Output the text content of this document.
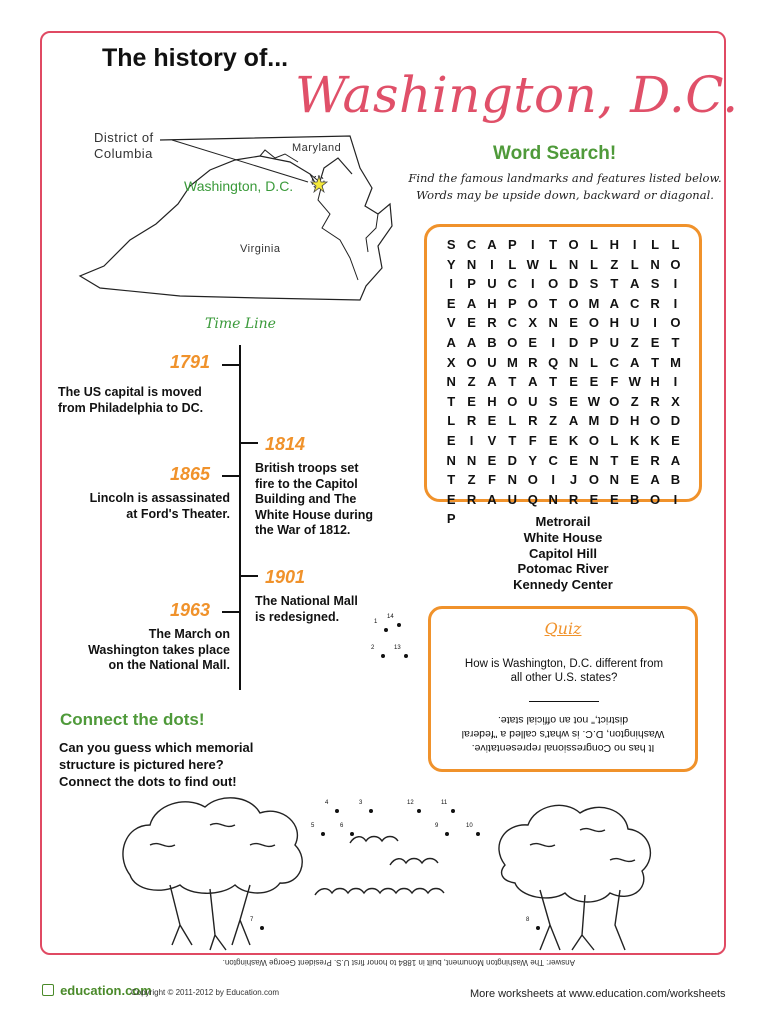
The history of...
Washington, D.C.
District of
Columbia	Maryland
Virginia
Washington, D.C.
Word Search!
Find the famous landmarks and features listed below.
Words may be upside down, backward or diagonal.
S C A P	I	T O L H	I	L L
Y N	I	L W L N L Z L N O
I	P U C	I	O D S T A S	I
E A H P O T O M A C R	I
V E R C X N E O H U	I	O
A A B O E	I	D P U Z E T
X O U M R Q N L C A T M
N Z A T A T E E F W H	I
T E H O U S E W O Z R X
L R E L R Z A M D H O D
E	I	V T F E K O L K K E
N N E D Y C E N T E R A
T Z F N O	I	J O N E A B
E R A U Q N R E E B O	I
P	Metrorail
White House
Capitol Hill
Potomac River
Kennedy Center
Quiz
How is Washington, D.C. different from
all other U.S. states?
It has no Congressional representative.
Washington, D.C. is what's called a "federal
district," not an official state.
Time Line
1791
The US capital is moved
from Philadelphia to DC.
1814
British troops set
fire to the Capitol
Building and The
White House during
the War of 1812.
1865
Lincoln is assassinated
at Ford's Theater.
1901
The National Mall
is redesigned.
1963
The March on
Washington takes place
on the National Mall.
Connect the dots!
Can you guess which memorial
structure is pictured here?
Connect the dots to find out!
1
14
2	13
4	3	12	11
5	6	9	10
7	8
Answer: The Washington Monument, built in 1884 to honor first U.S. President George Washington.
education.com
Copyright © 2011-2012 by Education.com	More worksheets at www.education.com/worksheets
